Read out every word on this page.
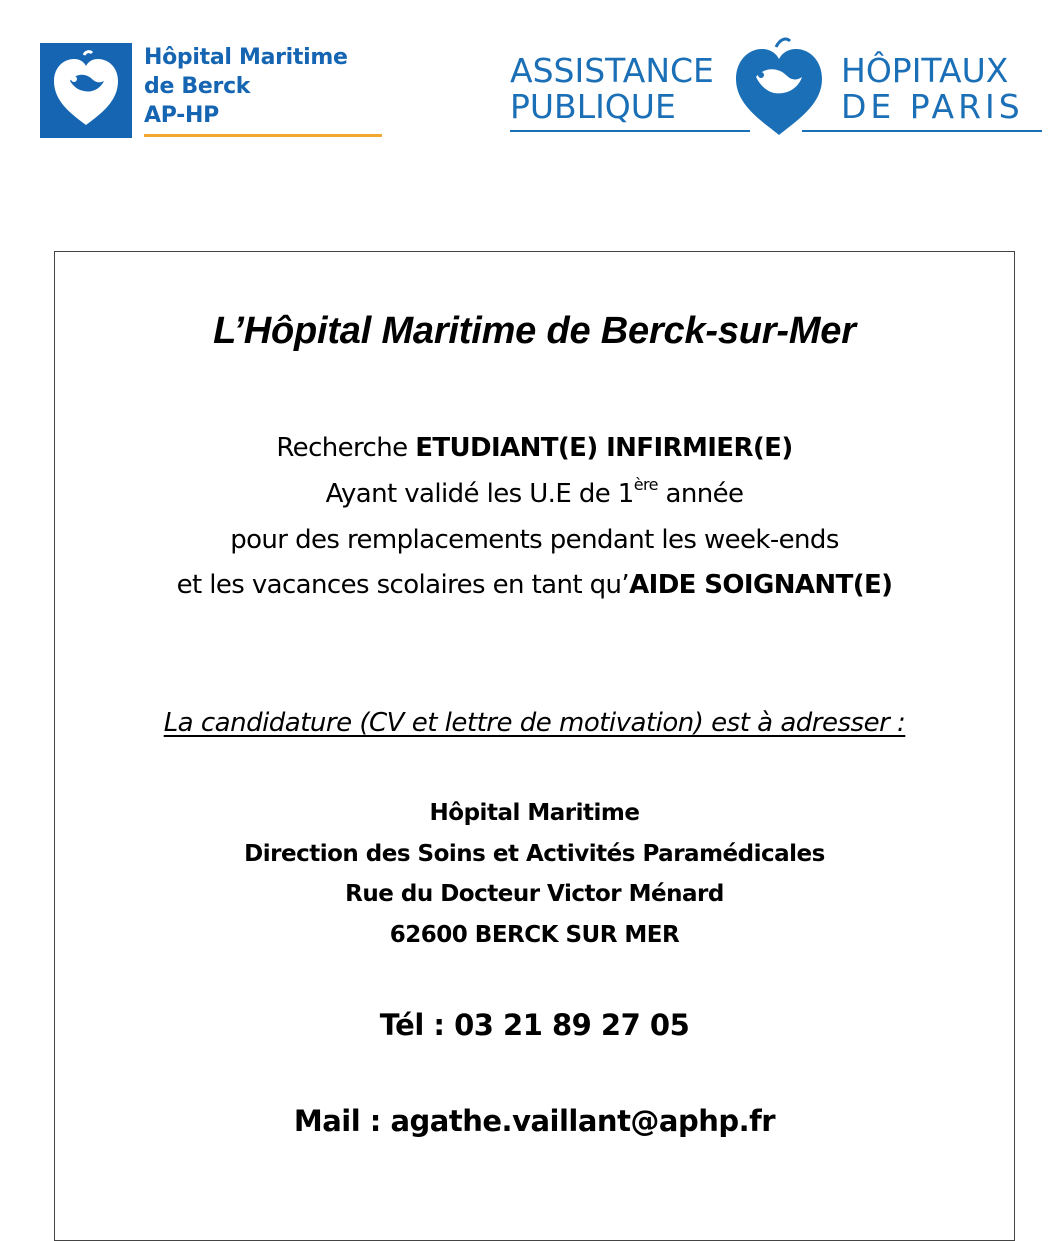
Hôpital Maritime
de Berck
AP-HP
ASSISTANCE
PUBLIQUE
HÔPITAUX
DE PARIS
L’Hôpital Maritime de Berck-sur-Mer
Recherche ETUDIANT(E) INFIRMIER(E)
Ayant validé les U.E de 1ère année
pour des remplacements pendant les week-ends
et les vacances scolaires en tant qu’AIDE SOIGNANT(E)
La candidature (CV et lettre de motivation) est à adresser :
Hôpital Maritime
Direction des Soins et Activités Paramédicales
Rue du Docteur Victor Ménard
62600 BERCK SUR MER
Tél : 03 21 89 27 05
Mail : agathe.vaillant@aphp.fr
